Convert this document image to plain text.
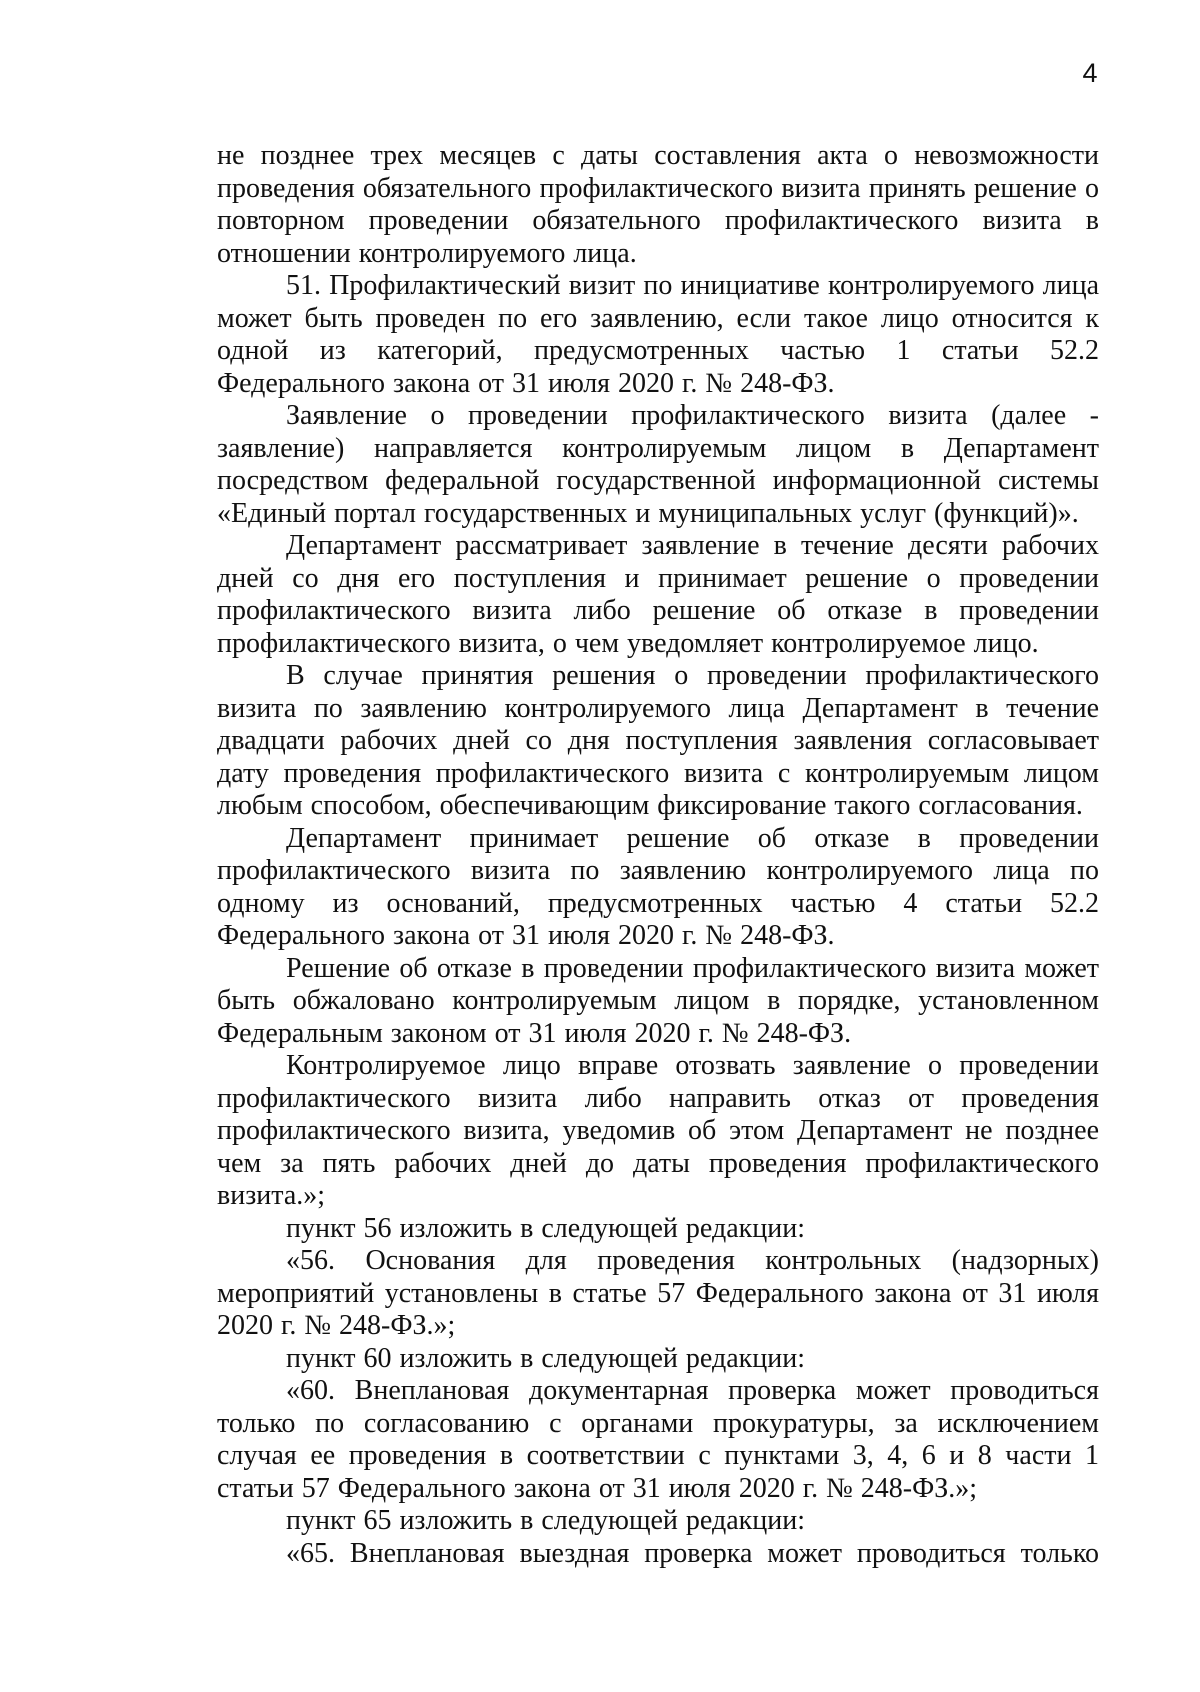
4

не позднее трех месяцев с даты составления акта о невозможности проведения обязательного профилактического визита принять решение о повторном проведении обязательного профилактического визита в отношении контролируемого лица.

51. Профилактический визит по инициативе контролируемого лица может быть проведен по его заявлению, если такое лицо относится к одной из категорий, предусмотренных частью 1 статьи 52.2 Федерального закона от 31 июля 2020 г. № 248-ФЗ.

Заявление о проведении профилактического визита (далее - заявление) направляется контролируемым лицом в Департамент посредством федеральной государственной информационной системы «Единый портал государственных и муниципальных услуг (функций)».

Департамент рассматривает заявление в течение десяти рабочих дней со дня его поступления и принимает решение о проведении профилактического визита либо решение об отказе в проведении профилактического визита, о чем уведомляет контролируемое лицо.

В случае принятия решения о проведении профилактического визита по заявлению контролируемого лица Департамент в течение двадцати рабочих дней со дня поступления заявления согласовывает дату проведения профилактического визита с контролируемым лицом любым способом, обеспечивающим фиксирование такого согласования.

Департамент принимает решение об отказе в проведении профилактического визита по заявлению контролируемого лица по одному из оснований, предусмотренных частью 4 статьи 52.2 Федерального закона от 31 июля 2020 г. № 248-ФЗ.

Решение об отказе в проведении профилактического визита может быть обжаловано контролируемым лицом в порядке, установленном Федеральным законом от 31 июля 2020 г. № 248-ФЗ.

Контролируемое лицо вправе отозвать заявление о проведении профилактического визита либо направить отказ от проведения профилактического визита, уведомив об этом Департамент не позднее чем за пять рабочих дней до даты проведения профилактического визита.»;

пункт 56 изложить в следующей редакции:

«56. Основания для проведения контрольных (надзорных) мероприятий установлены в статье 57 Федерального закона от 31 июля 2020 г. № 248-ФЗ.»;

пункт 60 изложить в следующей редакции:

«60. Внеплановая документарная проверка может проводиться только по согласованию с органами прокуратуры, за исключением случая ее проведения в соответствии с пунктами 3, 4, 6 и 8 части 1 статьи 57 Федерального закона от 31 июля 2020 г. № 248-ФЗ.»;

пункт 65 изложить в следующей редакции:

«65. Внеплановая выездная проверка может проводиться только
